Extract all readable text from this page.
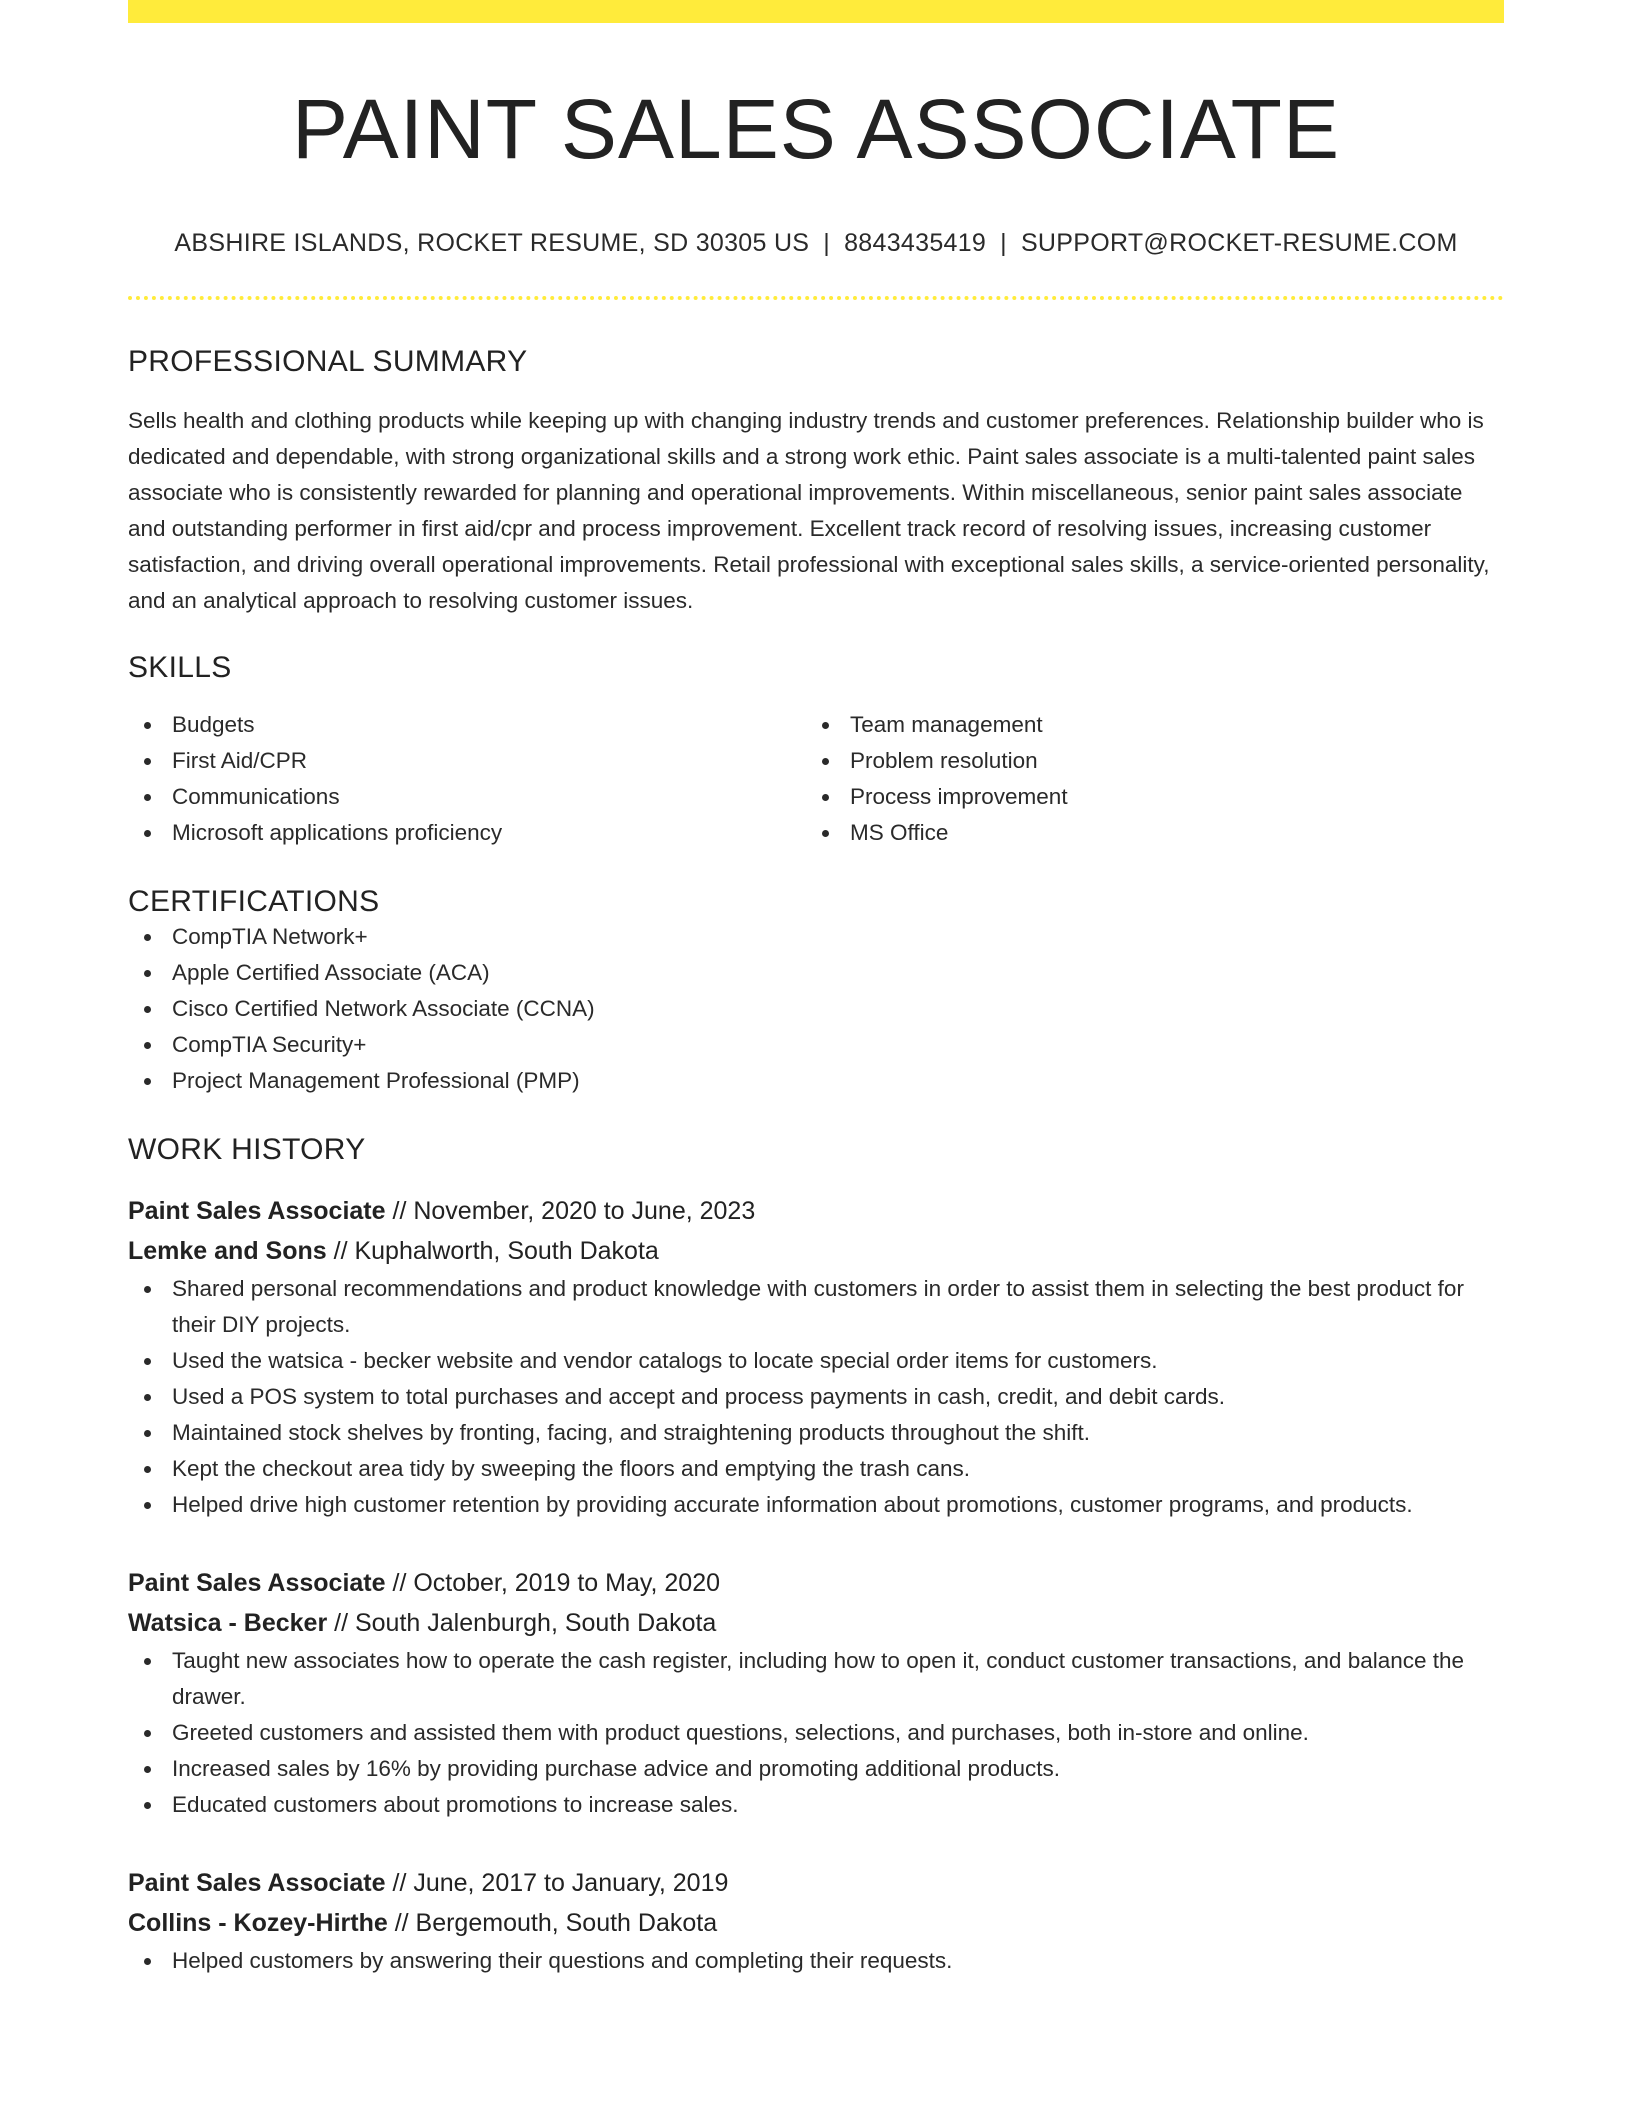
PAINT SALES ASSOCIATE
ABSHIRE ISLANDS, ROCKET RESUME, SD 30305 US | 8843435419 | SUPPORT@ROCKET-RESUME.COM
PROFESSIONAL SUMMARY

Sells health and clothing products while keeping up with changing industry trends and customer preferences. Relationship builder who is dedicated and dependable, with strong organizational skills and a strong work ethic. Paint sales associate is a multi-talented paint sales associate who is consistently rewarded for planning and operational improvements. Within miscellaneous, senior paint sales associate and outstanding performer in first aid/cpr and process improvement. Excellent track record of resolving issues, increasing customer satisfaction, and driving overall operational improvements. Retail professional with exceptional sales skills, a service-oriented personality, and an analytical approach to resolving customer issues.

SKILLS
Budgets
First Aid/CPR
Communications
Microsoft applications proficiency
Team management
Problem resolution
Process improvement
MS Office
CERTIFICATIONS
CompTIA Network+
Apple Certified Associate (ACA)
Cisco Certified Network Associate (CCNA)
CompTIA Security+
Project Management Professional (PMP)
WORK HISTORY
Paint Sales Associate // November, 2020 to June, 2023
Lemke and Sons // Kuphalworth, South Dakota
Shared personal recommendations and product knowledge with customers in order to assist them in selecting the best product for their DIY projects.
Used the watsica - becker website and vendor catalogs to locate special order items for customers.
Used a POS system to total purchases and accept and process payments in cash, credit, and debit cards.
Maintained stock shelves by fronting, facing, and straightening products throughout the shift.
Kept the checkout area tidy by sweeping the floors and emptying the trash cans.
Helped drive high customer retention by providing accurate information about promotions, customer programs, and products.
Paint Sales Associate // October, 2019 to May, 2020
Watsica - Becker // South Jalenburgh, South Dakota
Taught new associates how to operate the cash register, including how to open it, conduct customer transactions, and balance the drawer.
Greeted customers and assisted them with product questions, selections, and purchases, both in-store and online.
Increased sales by 16% by providing purchase advice and promoting additional products.
Educated customers about promotions to increase sales.
Paint Sales Associate // June, 2017 to January, 2019
Collins - Kozey-Hirthe // Bergemouth, South Dakota
Helped customers by answering their questions and completing their requests.
